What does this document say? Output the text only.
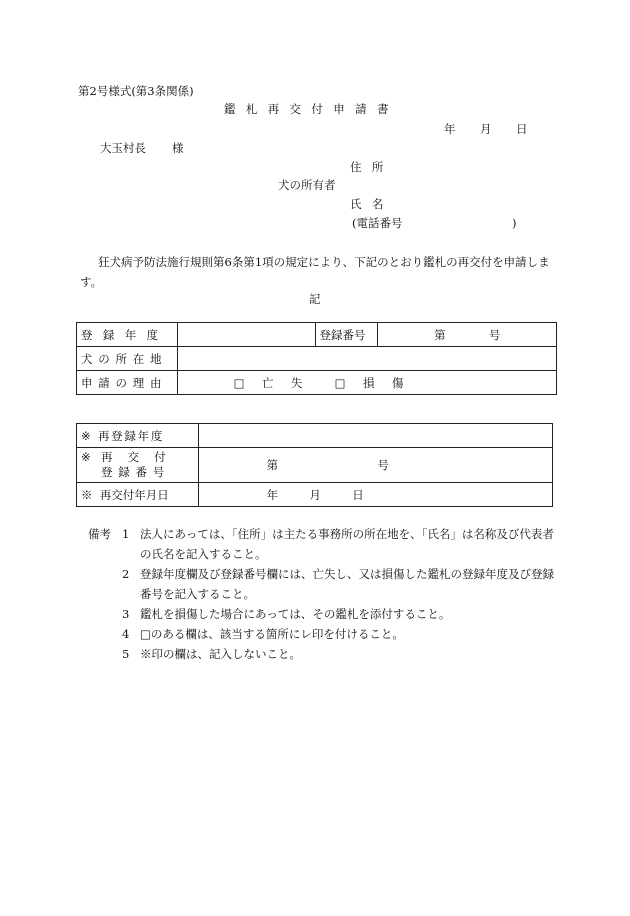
第2号様式(第3条関係)
鑑札再交付申請書
年 月 日
大玉村長 様
住所
犬の所有者
氏名
(電話番号	)
狂犬病予防法施行規則第6条第1項の規定により、下記のとおり鑑札の再交付を申請します。
記
登録年度		登録番号	第 号
犬の所在地			
申請の理由	□ 亡 失 □ 損 傷		
※ 再登録年度	

※ 再 交 付
登録番号	第 号
※ 再交付年月日	年 月 日
備考 1 法人にあっては、「住所」は主たる事務所の所在地を、「氏名」は名称及び代表者の氏名を記入すること。
2 登録年度欄及び登録番号欄には、亡失し、又は損傷した鑑札の登録年度及び登録番号を記入すること。
3 鑑札を損傷した場合にあっては、その鑑札を添付すること。
4 □のある欄は、該当する箇所にレ印を付けること。
5 ※印の欄は、記入しないこと。
